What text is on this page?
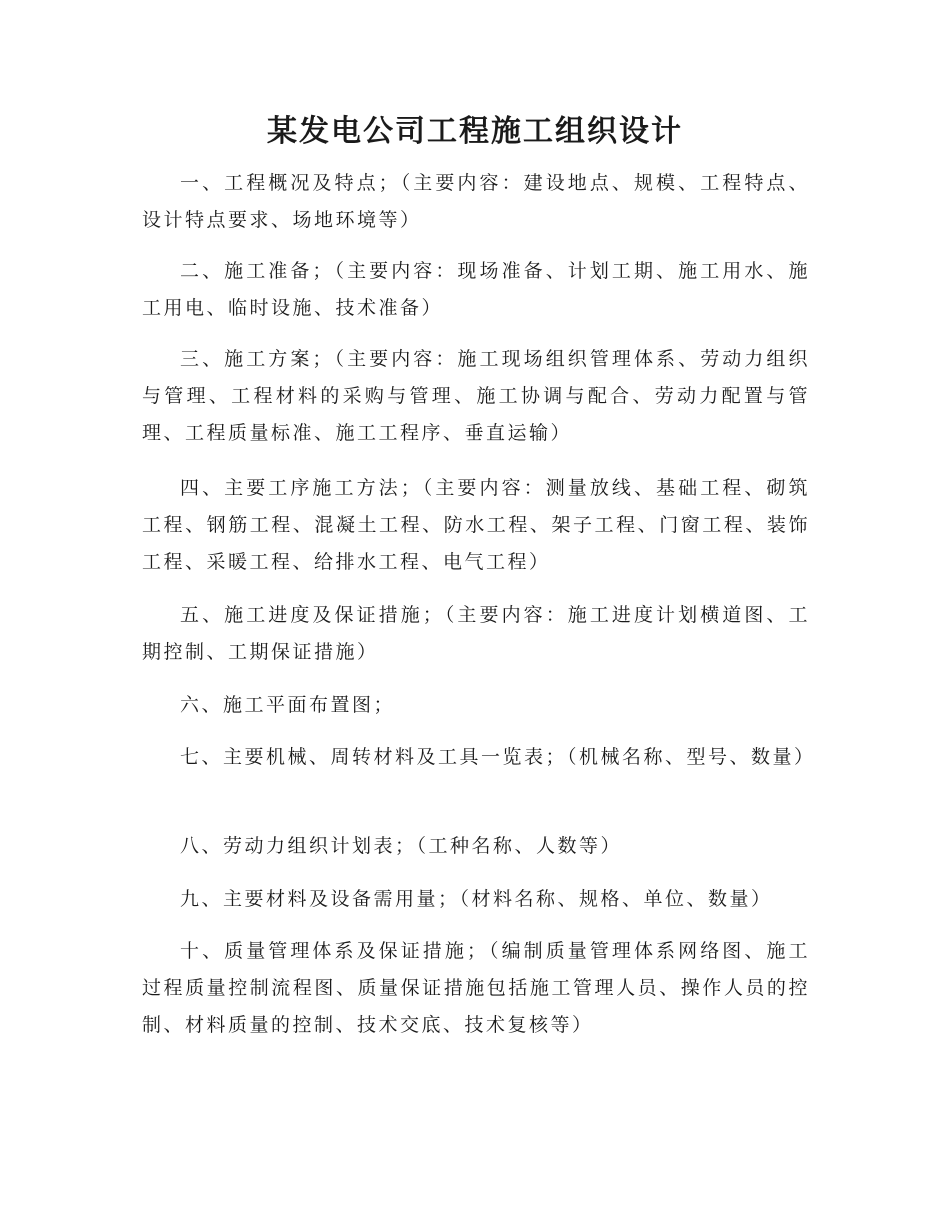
某发电公司工程施工组织设计

一、工程概况及特点；（主要内容：建设地点、规模、工程特点、设计特点要求、场地环境等）

二、施工准备；（主要内容：现场准备、计划工期、施工用水、施工用电、临时设施、技术准备）

三、施工方案；（主要内容：施工现场组织管理体系、劳动力组织与管理、工程材料的采购与管理、施工协调与配合、劳动力配置与管理、工程质量标准、施工工程序、垂直运输）

四、主要工序施工方法；（主要内容：测量放线、基础工程、砌筑工程、钢筋工程、混凝土工程、防水工程、架子工程、门窗工程、装饰工程、采暖工程、给排水工程、电气工程）

五、施工进度及保证措施；（主要内容：施工进度计划横道图、工期控制、工期保证措施）

六、施工平面布置图；

七、主要机械、周转材料及工具一览表；（机械名称、型号、数量）

八、劳动力组织计划表；（工种名称、人数等）

九、主要材料及设备需用量；（材料名称、规格、单位、数量）

十、质量管理体系及保证措施；（编制质量管理体系网络图、施工过程质量控制流程图、质量保证措施包括施工管理人员、操作人员的控制、材料质量的控制、技术交底、技术复核等）
